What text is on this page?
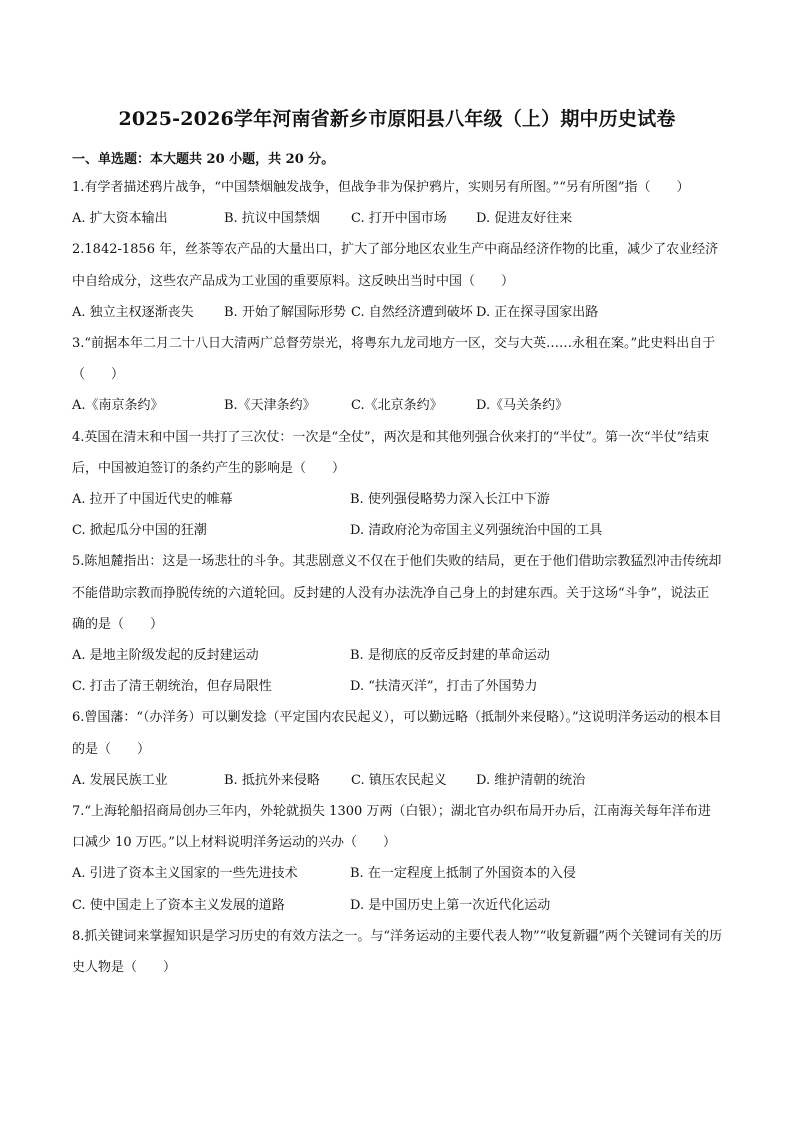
2025-2026学年河南省新乡市原阳县八年级（上）期中历史试卷
一、单选题：本大题共 20 小题，共 20 分。

1.有学者描述鸦片战争，“中国禁烟触发战争，但战争非为保护鸦片，实则另有所图。”“另有所图”指（　　）

A. 扩大资本输出	B. 抗议中国禁烟	C. 打开中国市场	D. 促进友好往来

2.1842-1856 年，丝茶等农产品的大量出口，扩大了部分地区农业生产中商品经济作物的比重，减少了农业经济中自给成分，这些农产品成为工业国的重要原料。这反映出当时中国（　　）

A. 独立主权逐渐丧失	B. 开始了解国际形势 C. 自然经济遭到破坏 D. 正在探寻国家出路

3.“前据本年二月二十八日大清两广总督劳崇光，将粤东九龙司地方一区，交与大英……永租在案。”此史料出自于（　　）

A.《南京条约》	B.《天津条约》	C.《北京条约》	D.《马关条约》

4.英国在清末和中国一共打了三次仗：一次是“全仗”，两次是和其他列强合伙来打的“半仗”。第一次“半仗”结束后，中国被迫签订的条约产生的影响是（　　）

A. 拉开了中国近代史的帷幕	B. 使列强侵略势力深入长江中下游
C. 掀起瓜分中国的狂潮	D. 清政府沦为帝国主义列强统治中国的工具

5.陈旭麓指出：这是一场悲壮的斗争。其悲剧意义不仅在于他们失败的结局，更在于他们借助宗教猛烈冲击传统却不能借助宗教而挣脱传统的六道轮回。反封建的人没有办法洗净自己身上的封建东西。关于这场“斗争”，说法正确的是（　　）

A. 是地主阶级发起的反封建运动	B. 是彻底的反帝反封建的革命运动
C. 打击了清王朝统治，但存局限性	D. “扶清灭洋”，打击了外国势力

6.曾国藩：“（办洋务）可以剿发捻（平定国内农民起义），可以勤远略（抵制外来侵略）。”这说明洋务运动的根本目的是（　　）

A. 发展民族工业	B. 抵抗外来侵略	C. 镇压农民起义	D. 维护清朝的统治

7.“上海轮船招商局创办三年内，外轮就损失 1300 万两（白银）；湖北官办织布局开办后，江南海关每年洋布进口减少 10 万匹。”以上材料说明洋务运动的兴办（　　）

A. 引进了资本主义国家的一些先进技术	B. 在一定程度上抵制了外国资本的入侵
C. 使中国走上了资本主义发展的道路	D. 是中国历史上第一次近代化运动

8.抓关键词来掌握知识是学习历史的有效方法之一。与“洋务运动的主要代表人物”“收复新疆”两个关键词有关的历史人物是（　　）
